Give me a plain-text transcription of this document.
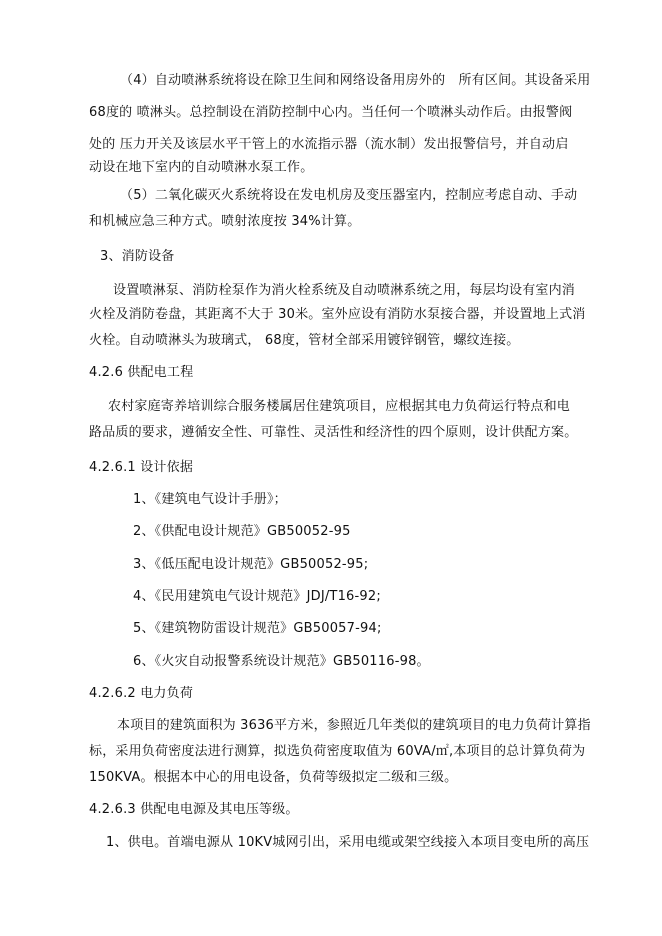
（4）自动喷淋系统将设在除卫生间和网络设备用房外的　所有区间。其设备采用
68度的 喷淋头。总控制设在消防控制中心内。当任何一个喷淋头动作后。由报警阀
处的 压力开关及该层水平干管上的水流指示器（流水制）发出报警信号，并自动启
动设在地下室内的自动喷淋水泵工作。
（5）二氧化碳灭火系统将设在发电机房及变压器室内，控制应考虑自动、手动
和机械应急三种方式。喷射浓度按 34%计算。
3、消防设备
设置喷淋泵、消防栓泵作为消火栓系统及自动喷淋系统之用，每层均设有室内消
火栓及消防卷盘，其距离不大于 30米。室外应设有消防水泵接合器，并设置地上式消
火栓。自动喷淋头为玻璃式， 68度，管材全部采用镀锌钢管，螺纹连接。
4.2.6 供配电工程
农村家庭寄养培训综合服务楼属居住建筑项目，应根据其电力负荷运行特点和电
路品质的要求，遵循安全性、可靠性、灵活性和经济性的四个原则，设计供配方案。
4.2.6.1 设计依据
1、《建筑电气设计手册》；
2、《供配电设计规范》GB50052-95
3、《低压配电设计规范》GB50052-95;
4、《民用建筑电气设计规范》JDJ/T16-92;
5、《建筑物防雷设计规范》GB50057-94;
6、《火灾自动报警系统设计规范》GB50116-98。
4.2.6.2 电力负荷
本项目的建筑面积为 3636平方米，参照近几年类似的建筑项目的电力负荷计算指
标，采用负荷密度法进行测算，拟选负荷密度取值为 60VA/㎡,本项目的总计算负荷为
150KVA。根据本中心的用电设备，负荷等级拟定二级和三级。
4.2.6.3 供配电电源及其电压等级。
1、供电。首端电源从 10KV城网引出，采用电缆或架空线接入本项目变电所的高压
